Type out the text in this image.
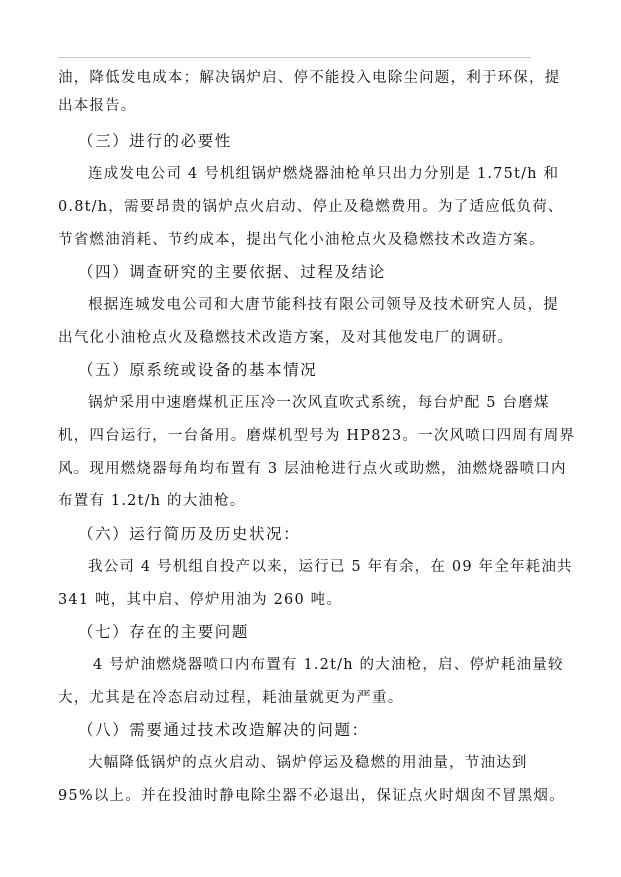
油，降低发电成本；解决锅炉启、停不能投入电除尘问题，利于环保，提
出本报告。
（三）进行的必要性
连成发电公司 4 号机组锅炉燃烧器油枪单只出力分别是 1.75t/h 和
0.8t/h，需要昂贵的锅炉点火启动、停止及稳燃费用。为了适应低负荷、
节省燃油消耗、节约成本，提出气化小油枪点火及稳燃技术改造方案。
（四）调查研究的主要依据、过程及结论
根据连城发电公司和大唐节能科技有限公司领导及技术研究人员，提
出气化小油枪点火及稳燃技术改造方案，及对其他发电厂的调研。
（五）原系统或设备的基本情况
锅炉采用中速磨煤机正压冷一次风直吹式系统，每台炉配 5 台磨煤
机，四台运行，一台备用。磨煤机型号为 HP823。一次风喷口四周有周界
风。现用燃烧器每角均布置有 3 层油枪进行点火或助燃，油燃烧器喷口内
布置有 1.2t/h 的大油枪。
（六）运行简历及历史状况：
我公司 4 号机组自投产以来，运行已 5 年有余，在 09 年全年耗油共
341 吨，其中启、停炉用油为 260 吨。
（七）存在的主要问题
4 号炉油燃烧器喷口内布置有 1.2t/h 的大油枪，启、停炉耗油量较
大，尤其是在冷态启动过程，耗油量就更为严重。
（八）需要通过技术改造解决的问题：
大幅降低锅炉的点火启动、锅炉停运及稳燃的用油量，节油达到
95%以上。并在投油时静电除尘器不必退出，保证点火时烟囱不冒黑烟。
